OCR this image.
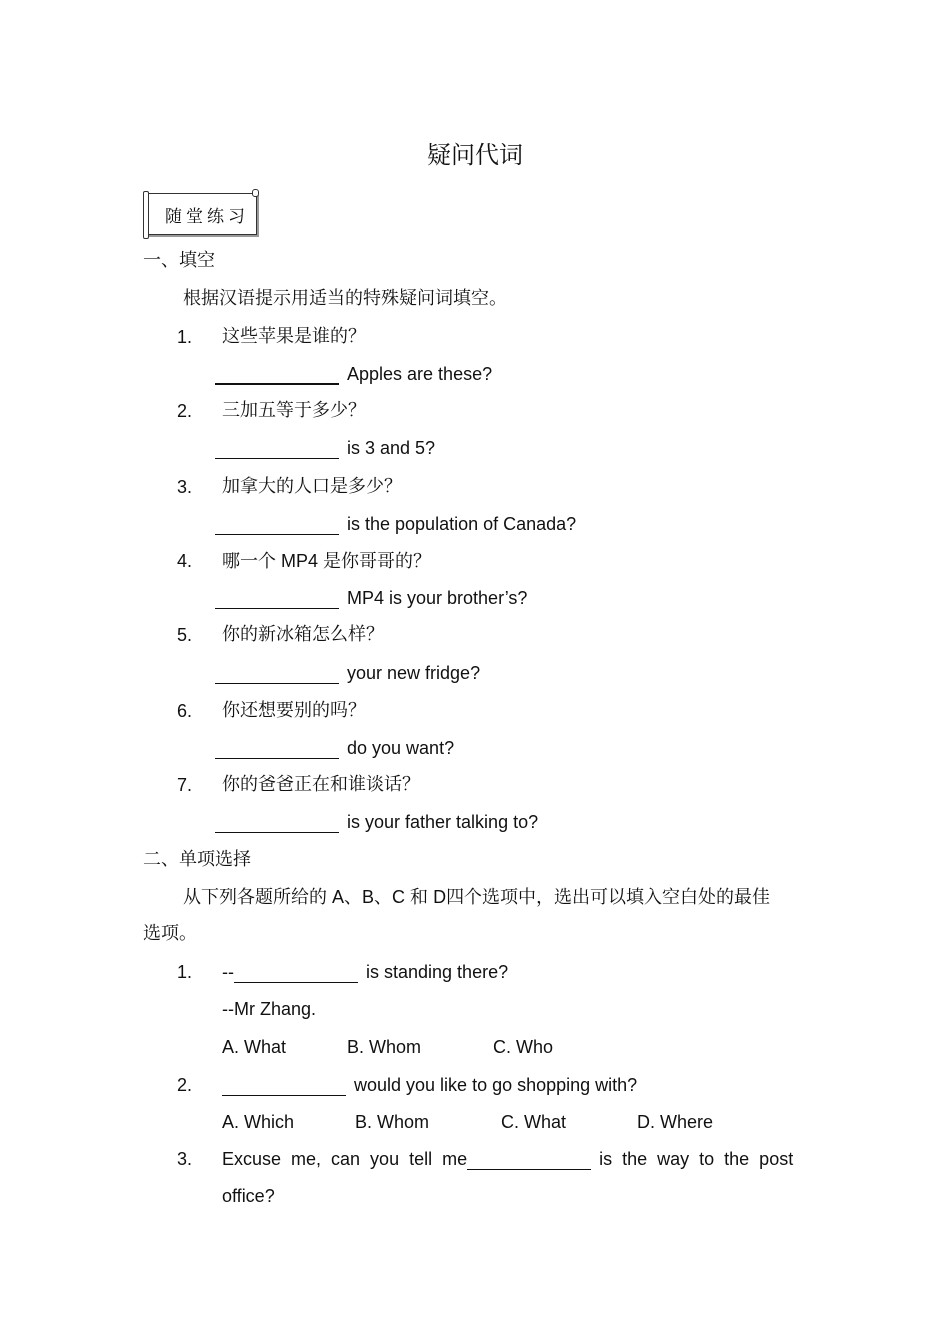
疑问代词
随堂练习
一、填空
根据汉语提示用适当的特殊疑问词填空。
1. 这些苹果是谁的？
Apples are these?
2. 三加五等于多少？
is 3 and 5?
3. 加拿大的人口是多少？
is the population of Canada?
4. 哪一个 MP4 是你哥哥的？
MP4 is your brother’s?
5. 你的新冰箱怎么样？
your new fridge?
6. 你还想要别的吗？
do you want?
7. 你的爸爸正在和谁谈话？
is your father talking to?
二、单项选择
从下列各题所给的 A、B、C 和 D四个选项中，选出可以填入空白处的最佳
选项。
1. --	is standing there?
--Mr Zhang.
A. What	B. Whom	C. Who
2.	would you like to go shopping with?
A. Which	B. Whom	C. What	D. Where
3. Excuse  me,  can  you  tell  me	is  the  way  to  the  post
office?
